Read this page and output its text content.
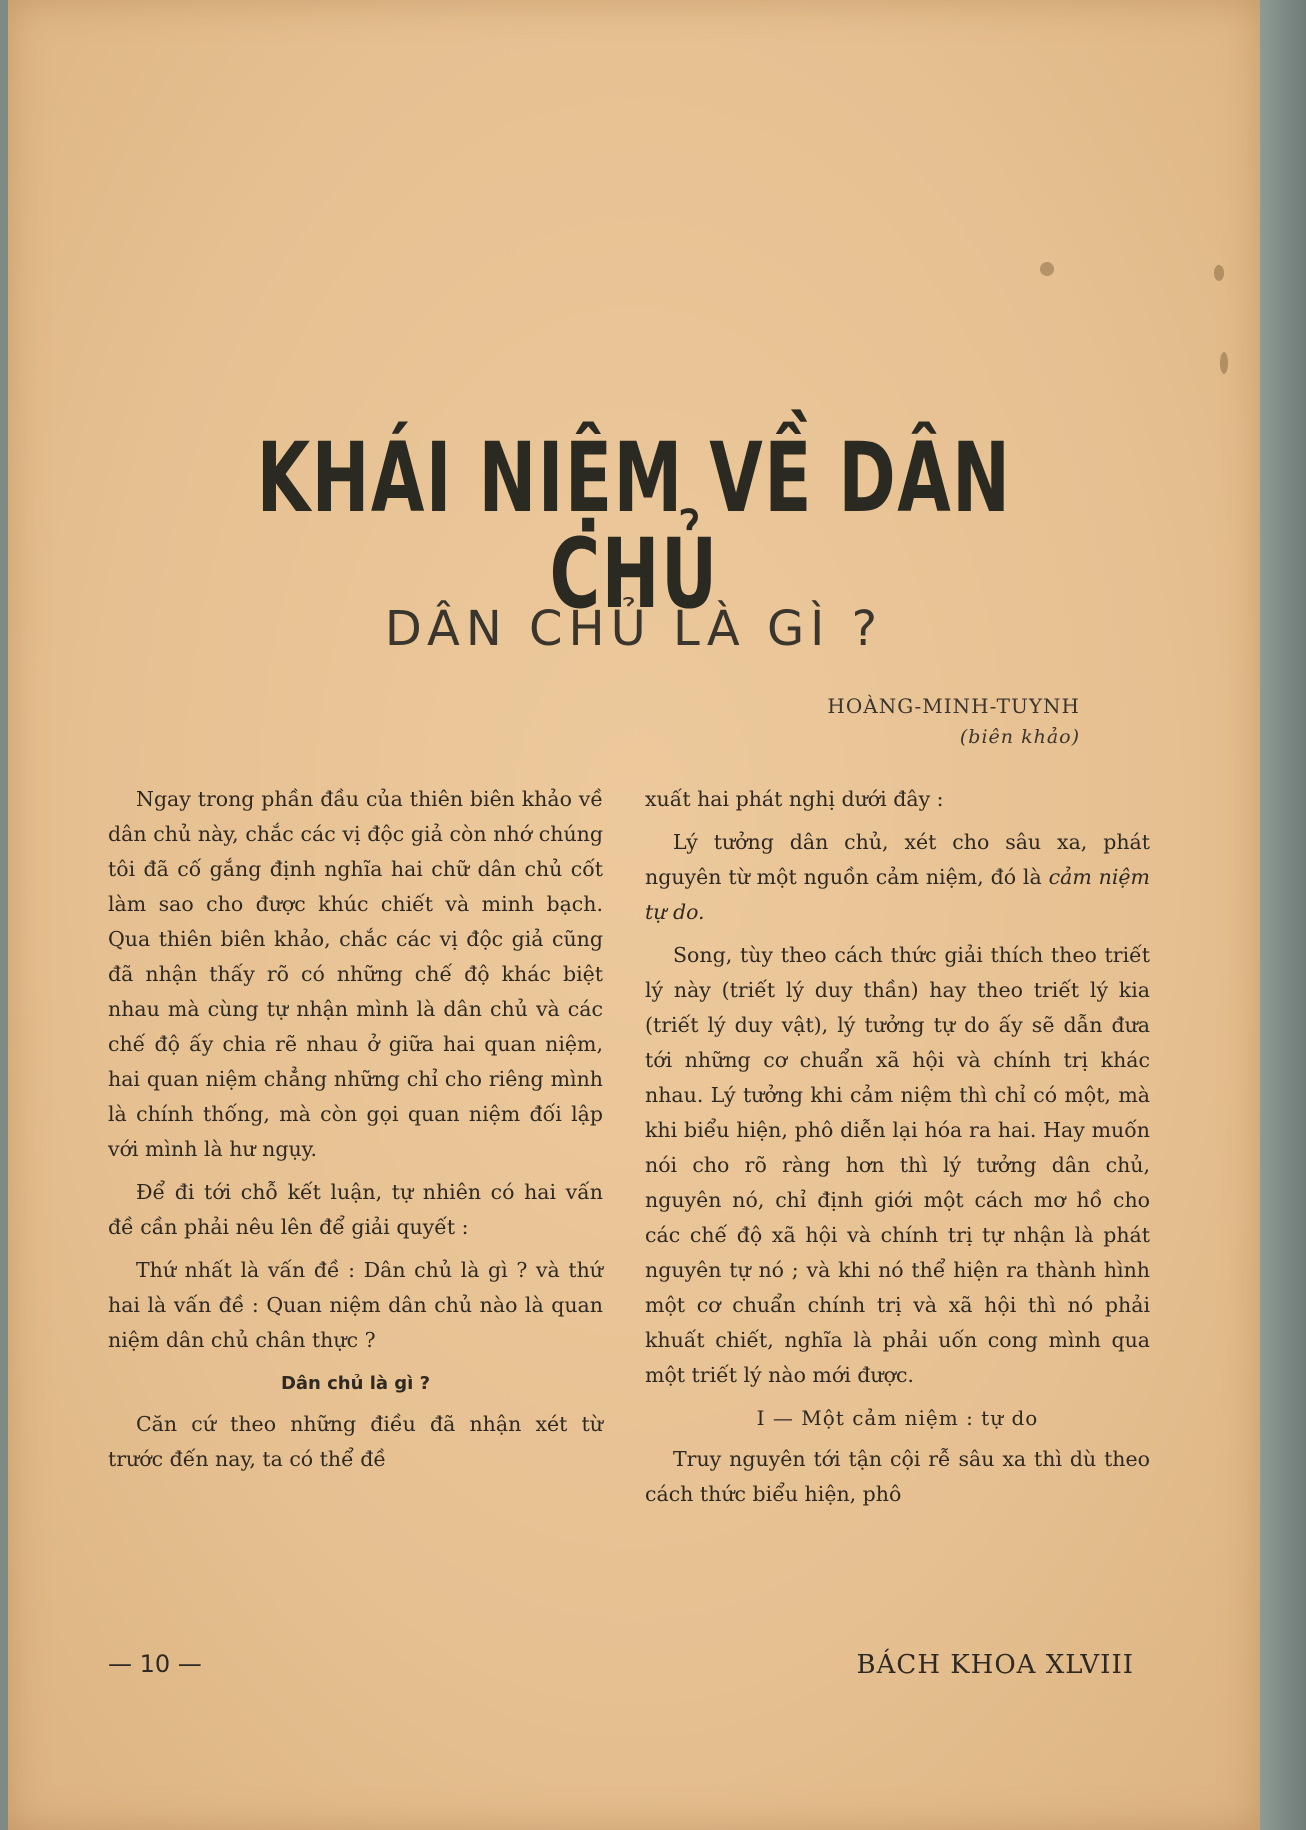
KHÁI NIỆM VỀ DÂN CHỦ
DÂN CHỦ LÀ GÌ ?
HOÀNG-MINH-TUYNH
(biên khảo)

Ngay trong phần đầu của thiên biên khảo về dân chủ này, chắc các vị độc giả còn nhớ chúng tôi đã cố gắng định nghĩa hai chữ dân chủ cốt làm sao cho được khúc chiết và minh bạch. Qua thiên biên khảo, chắc các vị độc giả cũng đã nhận thấy rõ có những chế độ khác biệt nhau mà cùng tự nhận mình là dân chủ và các chế độ ấy chia rẽ nhau ở giữa hai quan niệm, hai quan niệm chẳng những chỉ cho riêng mình là chính thống, mà còn gọi quan niệm đối lập với mình là hư ngụy.

Để đi tới chỗ kết luận, tự nhiên có hai vấn đề cần phải nêu lên để giải quyết :

Thứ nhất là vấn đề : Dân chủ là gì ? và thứ hai là vấn đề : Quan niệm dân chủ nào là quan niệm dân chủ chân thực ?

Dân chủ là gì ?

Căn cứ theo những điều đã nhận xét từ trước đến nay, ta có thể đề

xuất hai phát nghị dưới đây :

Lý tưởng dân chủ, xét cho sâu xa, phát nguyên từ một nguồn cảm niệm, đó là cảm niệm tự do.

Song, tùy theo cách thức giải thích theo triết lý này (triết lý duy thần) hay theo triết lý kia (triết lý duy vật), lý tưởng tự do ấy sẽ dẫn đưa tới những cơ chuẩn xã hội và chính trị khác nhau. Lý tưởng khi cảm niệm thì chỉ có một, mà khi biểu hiện, phô diễn lại hóa ra hai. Hay muốn nói cho rõ ràng hơn thì lý tưởng dân chủ, nguyên nó, chỉ định giới một cách mơ hồ cho các chế độ xã hội và chính trị tự nhận là phát nguyên tự nó ; và khi nó thể hiện ra thành hình một cơ chuẩn chính trị và xã hội thì nó phải khuất chiết, nghĩa là phải uốn cong mình qua một triết lý nào mới được.

I — Một cảm niệm : tự do

Truy nguyên tới tận cội rễ sâu xa thì dù theo cách thức biểu hiện, phô

— 10 —	BÁCH KHOA XLVIII
